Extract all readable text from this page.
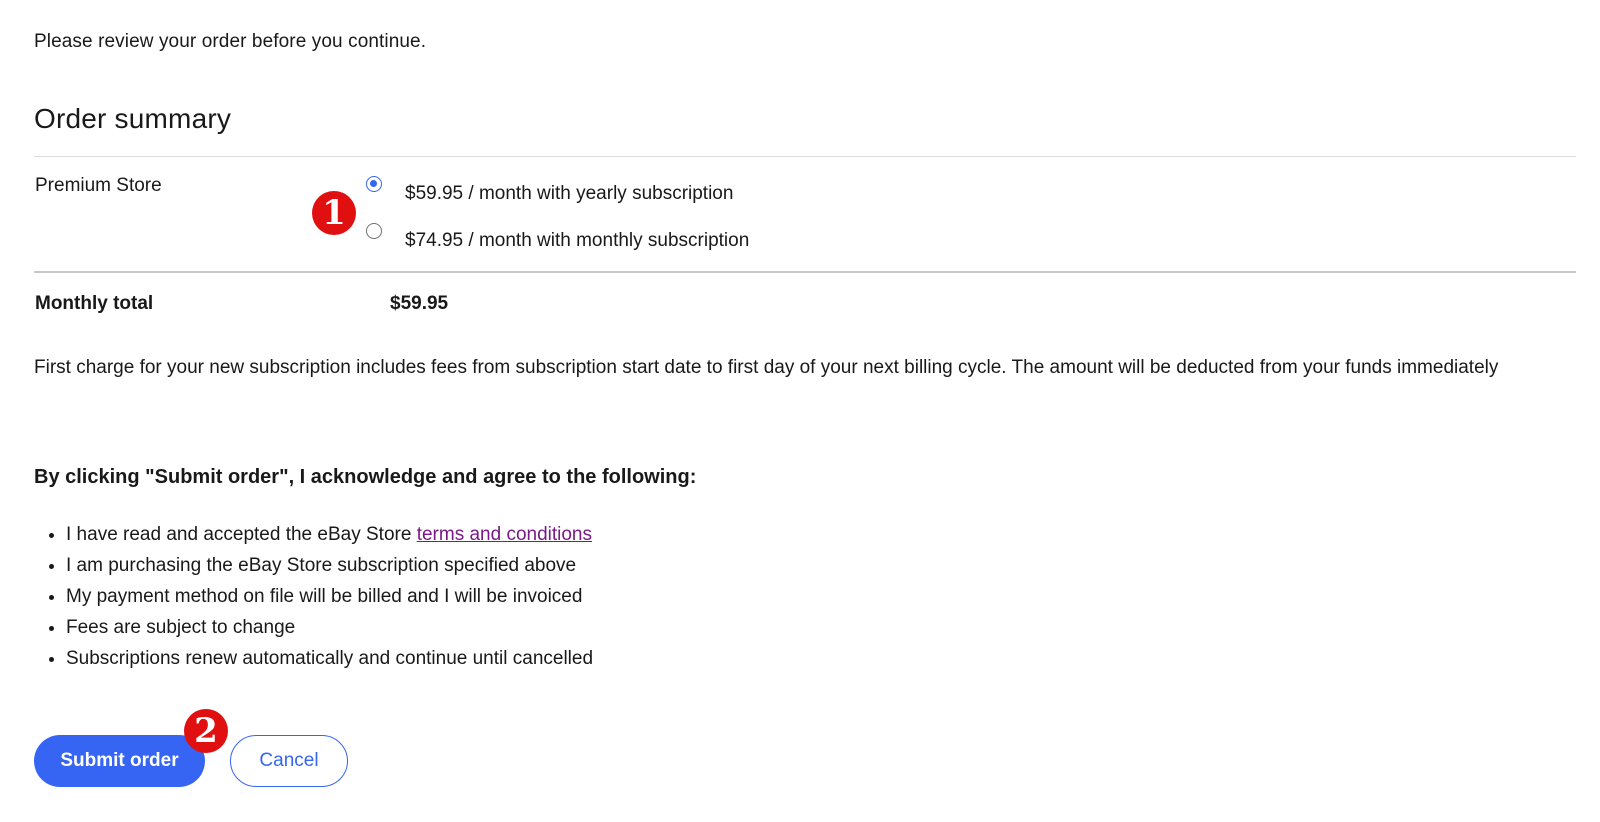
Please review your order before you continue.
Order summary
Premium Store	$59.95 / month with yearly subscription
$74.95 / month with monthly subscription
1
Monthly total	$59.95
First charge for your new subscription includes fees from subscription start date to first day of your next billing cycle. The amount will be deducted from your funds immediately
By clicking "Submit order", I acknowledge and agree to the following:
• I have read and accepted the eBay Store terms and conditions
• I am purchasing the eBay Store subscription specified above
• My payment method on file will be billed and I will be invoiced
• Fees are subject to change
• Subscriptions renew automatically and continue until cancelled
Submit order	Cancel
2
